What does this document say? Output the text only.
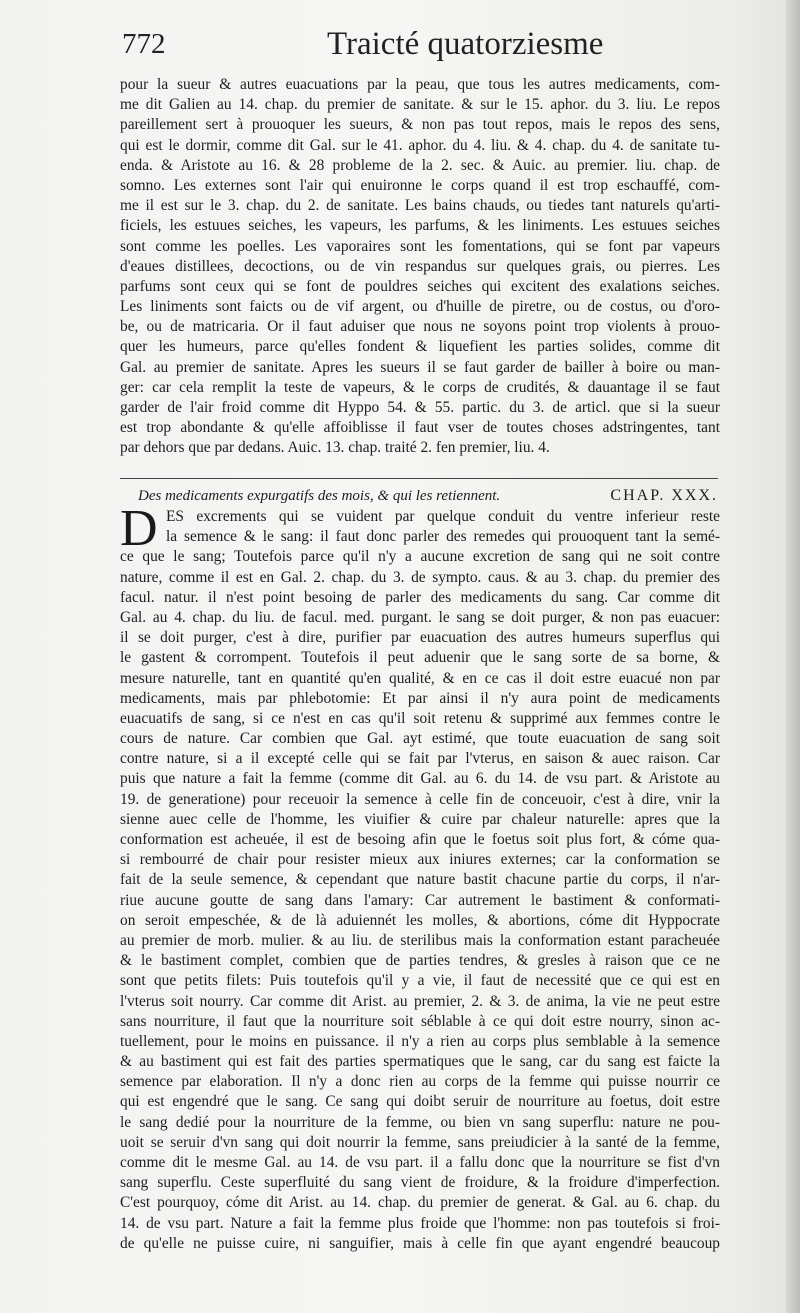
772	Traicté quatorziesme
pour la sueur & autres euacuations par la peau, que tous les autres medicaments, com-
me dit Galien au 14. chap. du premier de sanitate. & sur le 15. aphor. du 3. liu. Le repos
pareillement sert à prouoquer les sueurs, & non pas tout repos, mais le repos des sens,
qui est le dormir, comme dit Gal. sur le 41. aphor. du 4. liu. & 4. chap. du 4. de sanitate tu-
enda. & Aristote au 16. & 28 probleme de la 2. sec. & Auic. au premier. liu. chap. de
somno. Les externes sont l'air qui enuironne le corps quand il est trop eschauffé, com-
me il est sur le 3. chap. du 2. de sanitate. Les bains chauds, ou tiedes tant naturels qu'arti-
ficiels, les estuues seiches, les vapeurs, les parfums, & les liniments. Les estuues seiches
sont comme les poelles. Les vaporaires sont les fomentations, qui se font par vapeurs
d'eaues distillees, decoctions, ou de vin respandus sur quelques grais, ou pierres. Les
parfums sont ceux qui se font de pouldres seiches qui excitent des exalations seiches.
Les liniments sont faicts ou de vif argent, ou d'huille de piretre, ou de costus, ou d'oro-
be, ou de matricaria. Or il faut aduiser que nous ne soyons point trop violents à prouo-
quer les humeurs, parce qu'elles fondent & liquefient les parties solides, comme dit
Gal. au premier de sanitate. Apres les sueurs il se faut garder de bailler à boire ou man-
ger: car cela remplit la teste de vapeurs, & le corps de crudités, & dauantage il se faut
garder de l'air froid comme dit Hyppo 54. & 55. partic. du 3. de articl. que si la sueur
est trop abondante & qu'elle affoiblisse il faut vser de toutes choses adstringentes, tant
par dehors que par dedans. Auic. 13. chap. traité 2. fen premier, liu. 4.
Des medicaments expurgatifs des mois, & qui les retiennent.	CHAP. XXX.
D ES excrements qui se vuident par quelque conduit du ventre inferieur reste
la semence & le sang: il faut donc parler des remedes qui prouoquent tant la semé-
ce que le sang; Toutefois parce qu'il n'y a aucune excretion de sang qui ne soit contre
nature, comme il est en Gal. 2. chap. du 3. de sympto. caus. & au 3. chap. du premier des
facul. natur. il n'est point besoing de parler des medicaments du sang. Car comme dit
Gal. au 4. chap. du liu. de facul. med. purgant. le sang se doit purger, & non pas euacuer:
il se doit purger, c'est à dire, purifier par euacuation des autres humeurs superflus qui
le gastent & corrompent. Toutefois il peut aduenir que le sang sorte de sa borne, &
mesure naturelle, tant en quantité qu'en qualité, & en ce cas il doit estre euacué non par
medicaments, mais par phlebotomie: Et par ainsi il n'y aura point de medicaments
euacuatifs de sang, si ce n'est en cas qu'il soit retenu & supprimé aux femmes contre le
cours de nature. Car combien que Gal. ayt estimé, que toute euacuation de sang soit
contre nature, si a il excepté celle qui se fait par l'vterus, en saison & auec raison. Car
puis que nature a fait la femme (comme dit Gal. au 6. du 14. de vsu part. & Aristote au
19. de generatione) pour receuoir la semence à celle fin de conceuoir, c'est à dire, vnir la
sienne auec celle de l'homme, les viuifier & cuire par chaleur naturelle: apres que la
conformation est acheuée, il est de besoing afin que le foetus soit plus fort, & cóme qua-
si rembourré de chair pour resister mieux aux iniures externes; car la conformation se
fait de la seule semence, & cependant que nature bastit chacune partie du corps, il n'ar-
riue aucune goutte de sang dans l'amary: Car autrement le bastiment & conformati-
on seroit empeschée, & de là aduiennét les molles, & abortions, cóme dit Hyppocrate
au premier de morb. mulier. & au liu. de sterilibus mais la conformation estant paracheuée
& le bastiment complet, combien que de parties tendres, & gresles à raison que ce ne
sont que petits filets: Puis toutefois qu'il y a vie, il faut de necessité que ce qui est en
l'vterus soit nourry. Car comme dit Arist. au premier, 2. & 3. de anima, la vie ne peut estre
sans nourriture, il faut que la nourriture soit séblable à ce qui doit estre nourry, sinon ac-
tuellement, pour le moins en puissance. il n'y a rien au corps plus semblable à la semence
& au bastiment qui est fait des parties spermatiques que le sang, car du sang est faicte la
semence par elaboration. Il n'y a donc rien au corps de la femme qui puisse nourrir ce
qui est engendré que le sang. Ce sang qui doibt seruir de nourriture au foetus, doit estre
le sang dedié pour la nourriture de la femme, ou bien vn sang superflu: nature ne pou-
uoit se seruir d'vn sang qui doit nourrir la femme, sans preiudicier à la santé de la femme,
comme dit le mesme Gal. au 14. de vsu part. il a fallu donc que la nourriture se fist d'vn
sang superflu. Ceste superfluité du sang vient de froidure, & la froidure d'imperfection.
C'est pourquoy, cóme dit Arist. au 14. chap. du premier de generat. & Gal. au 6. chap. du
14. de vsu part. Nature a fait la femme plus froide que l'homme: non pas toutefois si froi-
de qu'elle ne puisse cuire, ni sanguifier, mais à celle fin que ayant engendré beaucoup
